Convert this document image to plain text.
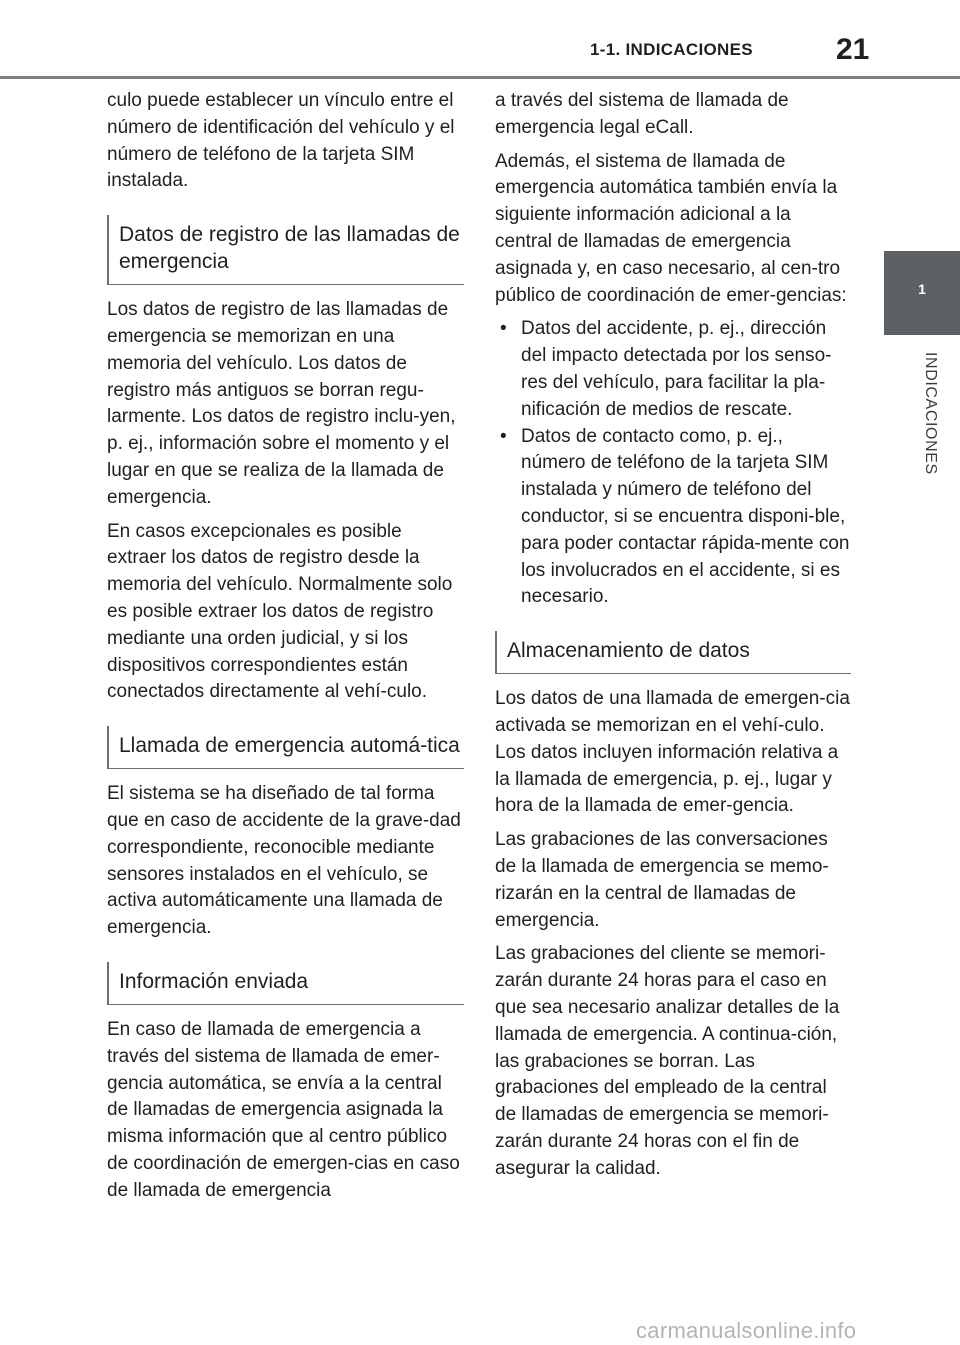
1-1. INDICACIONES	21
1
INDICACIONES

culo puede establecer un vínculo entre el número de identificación del vehículo y el número de teléfono de la tarjeta SIM instalada.

Datos de registro de las llamadas de emergencia

Los datos de registro de las llamadas de emergencia se memorizan en una memoria del vehículo. Los datos de registro más antiguos se borran regu-larmente. Los datos de registro inclu-yen, p. ej., información sobre el momento y el lugar en que se realiza de la llamada de emergencia.

En casos excepcionales es posible extraer los datos de registro desde la memoria del vehículo. Normalmente solo es posible extraer los datos de registro mediante una orden judicial, y si los dispositivos correspondientes están conectados directamente al vehí-culo.

Llamada de emergencia automá-tica

El sistema se ha diseñado de tal forma que en caso de accidente de la grave-dad correspondiente, reconocible mediante sensores instalados en el vehículo, se activa automáticamente una llamada de emergencia.

Información enviada

En caso de llamada de emergencia a través del sistema de llamada de emer-gencia automática, se envía a la central de llamadas de emergencia asignada la misma información que al centro público de coordinación de emergen-cias en caso de llamada de emergencia

a través del sistema de llamada de emergencia legal eCall.

Además, el sistema de llamada de emergencia automática también envía la siguiente información adicional a la central de llamadas de emergencia asignada y, en caso necesario, al cen-tro público de coordinación de emer-gencias:

• Datos del accidente, p. ej., dirección del impacto detectada por los senso-res del vehículo, para facilitar la pla-nificación de medios de rescate.
• Datos de contacto como, p. ej., número de teléfono de la tarjeta SIM instalada y número de teléfono del conductor, si se encuentra disponi-ble, para poder contactar rápida-mente con los involucrados en el accidente, si es necesario.
Almacenamiento de datos

Los datos de una llamada de emergen-cia activada se memorizan en el vehí-culo. Los datos incluyen información relativa a la llamada de emergencia, p. ej., lugar y hora de la llamada de emer-gencia.

Las grabaciones de las conversaciones de la llamada de emergencia se memo-rizarán en la central de llamadas de emergencia.

Las grabaciones del cliente se memori-zarán durante 24 horas para el caso en que sea necesario analizar detalles de la llamada de emergencia. A continua-ción, las grabaciones se borran. Las grabaciones del empleado de la central de llamadas de emergencia se memori-zarán durante 24 horas con el fin de asegurar la calidad.

carmanualsonline.info
